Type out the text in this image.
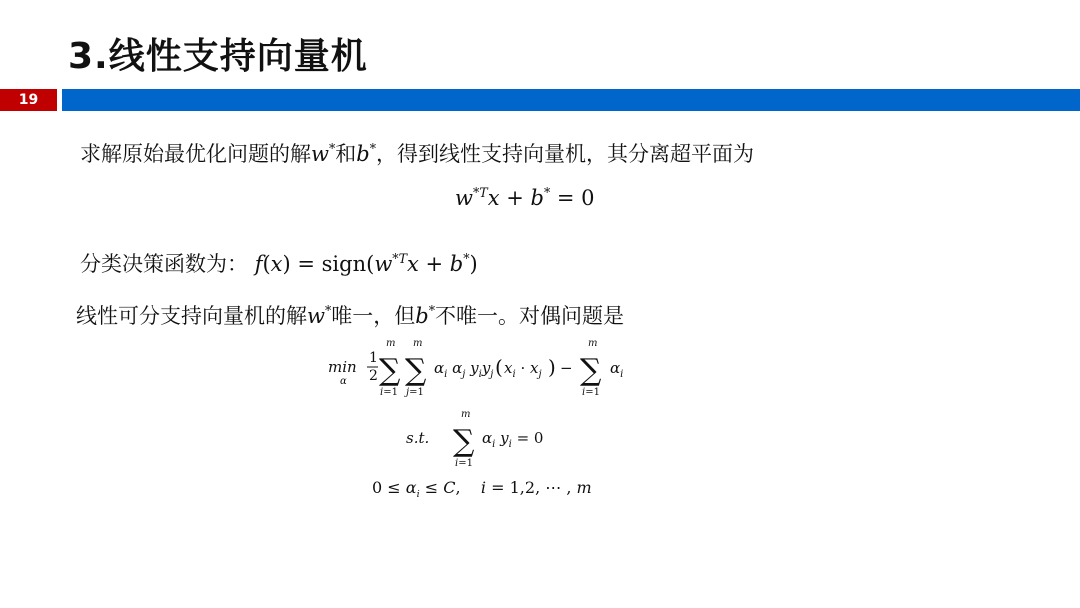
3.线性支持向量机
19
求解原始最优化问题的解w*和b*，得到线性支持向量机，其分离超平面为
$w^{*T}x + b^* = 0$
分类决策函数为： $f(x) = sign(w^{*T}x + b^*)$
线性可分支持向量机的解w*唯一，但b*不唯一。对偶问题是
min
α
1
2
m
∑
i=1
m
∑
j=1
$\alpha_i$ $\alpha_j$ $y_iy_j$ ( $x_i \cdot x_j$ ) −
m
∑
i=1
$\alpha_i$
s.t.
m
∑
i=1
$\alpha_i$ $y_i = 0$
$0 \le \alpha_i \le C$,    i = 1,2, ⋯ , m
